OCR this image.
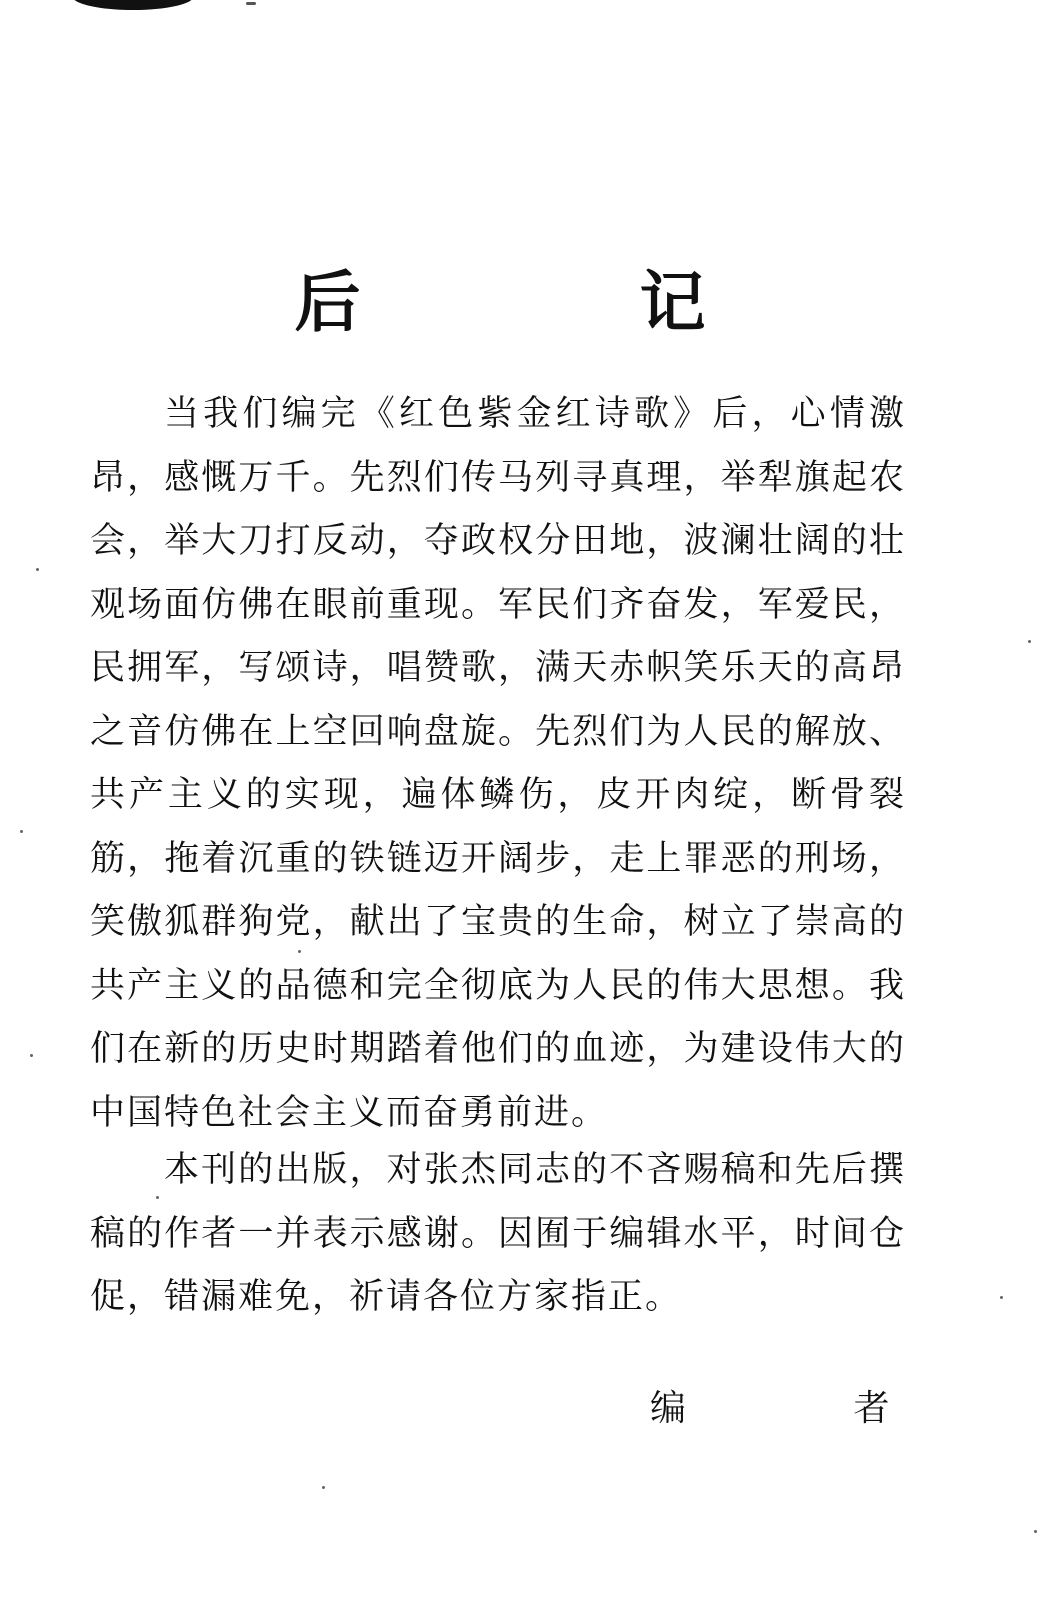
后 记

当我们编完《红色紫金红诗歌》后，心情激昂，感慨万千。先烈们传马列寻真理，举犁旗起农会，举大刀打反动，夺政权分田地，波澜壮阔的壮观场面仿佛在眼前重现。军民们齐奋发，军爱民，民拥军，写颂诗，唱赞歌，满天赤帜笑乐天的高昂之音仿佛在上空回响盘旋。先烈们为人民的解放、共产主义的实现，遍体鳞伤，皮开肉绽，断骨裂筋，拖着沉重的铁链迈开阔步，走上罪恶的刑场，笑傲狐群狗党，献出了宝贵的生命，树立了崇高的共产主义的品德和完全彻底为人民的伟大思想。我们在新的历史时期踏着他们的血迹，为建设伟大的中国特色社会主义而奋勇前进。

本刊的出版，对张杰同志的不吝赐稿和先后撰稿的作者一并表示感谢。因囿于编辑水平，时间仓促，错漏难免，祈请各位方家指正。

编 者
